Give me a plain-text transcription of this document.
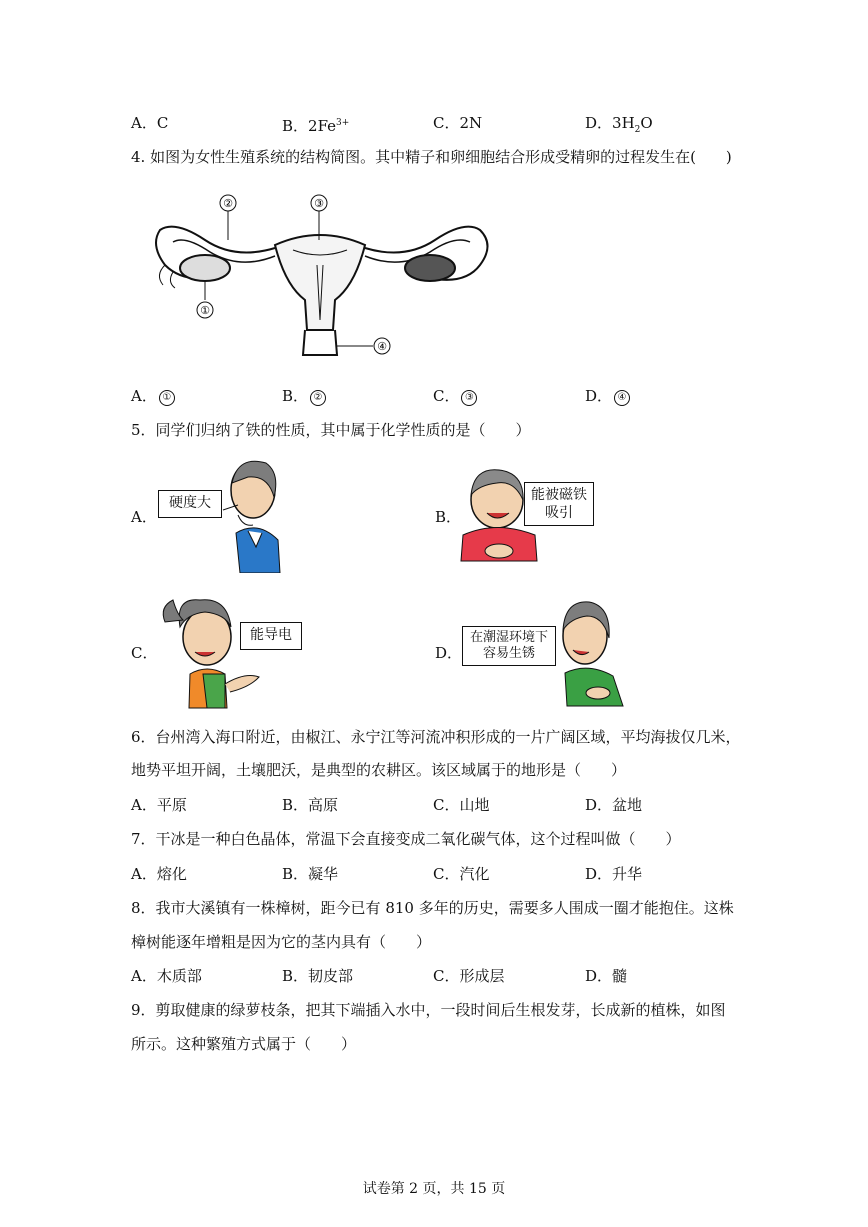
A．C	B．$2Fe^{3+}$	C．2N	D．$3H_2O$
4. 如图为女性生殖系统的结构简图。其中精子和卵细胞结合形成受精卵的过程发生在(　　)
②	③
①
④
A． ①	B． ②	C． ③	D． ④
5．同学们归纳了铁的性质，其中属于化学性质的是（　　）
A．
硬度大
B．
能被磁铁
吸引
C．
能导电
D．
在潮湿环境下
容易生锈
6．台州湾入海口附近，由椒江、永宁江等河流冲积形成的一片广阔区域，平均海拔仅几米，
地势平坦开阔，土壤肥沃，是典型的农耕区。该区域属于的地形是（　　）
A．平原	B．高原	C．山地	D．盆地
7．干冰是一种白色晶体，常温下会直接变成二氧化碳气体，这个过程叫做（　　）
A．熔化	B．凝华	C．汽化	D．升华
8．我市大溪镇有一株樟树，距今已有 810 多年的历史，需要多人围成一圈才能抱住。这株
樟树能逐年增粗是因为它的茎内具有（　　）
A．木质部	B．韧皮部	C．形成层	D．髓
9．剪取健康的绿萝枝条，把其下端插入水中，一段时间后生根发芽，长成新的植株，如图
所示。这种繁殖方式属于（　　）
试卷第 2 页，共 15 页
